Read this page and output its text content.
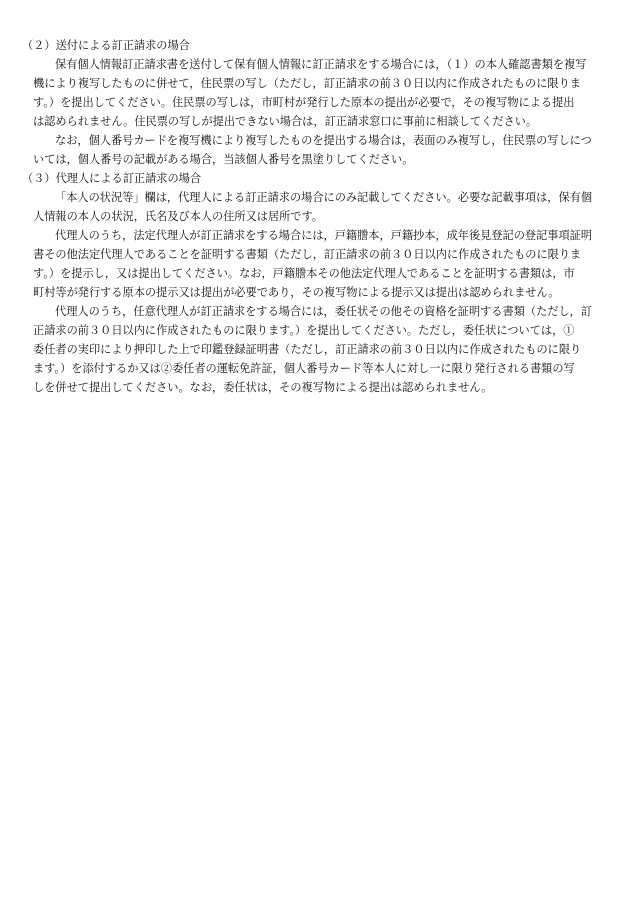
（２）送付による訂正請求の場合

保有個人情報訂正請求書を送付して保有個人情報に訂正請求をする場合には，（１）の本人確認書類を複写
機により複写したものに併せて，住民票の写し（ただし，訂正請求の前３０日以内に作成されたものに限りま
す。）を提出してください。住民票の写しは，市町村が発行した原本の提出が必要で，その複写物による提出
は認められません。住民票の写しが提出できない場合は，訂正請求窓口に事前に相談してください。
なお，個人番号カードを複写機により複写したものを提出する場合は，表面のみ複写し，住民票の写しにつ
いては，個人番号の記載がある場合，当該個人番号を黒塗りしてください。

（３）代理人による訂正請求の場合

「本人の状況等」欄は，代理人による訂正請求の場合にのみ記載してください。必要な記載事項は，保有個
人情報の本人の状況，氏名及び本人の住所又は居所です。
代理人のうち，法定代理人が訂正請求をする場合には，戸籍謄本，戸籍抄本，成年後見登記の登記事項証明
書その他法定代理人であることを証明する書類（ただし，訂正請求の前３０日以内に作成されたものに限りま
す。）を提示し，又は提出してください。なお，戸籍謄本その他法定代理人であることを証明する書類は，市
町村等が発行する原本の提示又は提出が必要であり，その複写物による提示又は提出は認められません。
代理人のうち，任意代理人が訂正請求をする場合には，委任状その他その資格を証明する書類（ただし，訂
正請求の前３０日以内に作成されたものに限ります。）を提出してください。ただし，委任状については，①
委任者の実印により押印した上で印鑑登録証明書（ただし，訂正請求の前３０日以内に作成されたものに限り
ます。）を添付するか又は②委任者の運転免許証，個人番号カード等本人に対し一に限り発行される書類の写
しを併せて提出してください。なお，委任状は，その複写物による提出は認められません。
